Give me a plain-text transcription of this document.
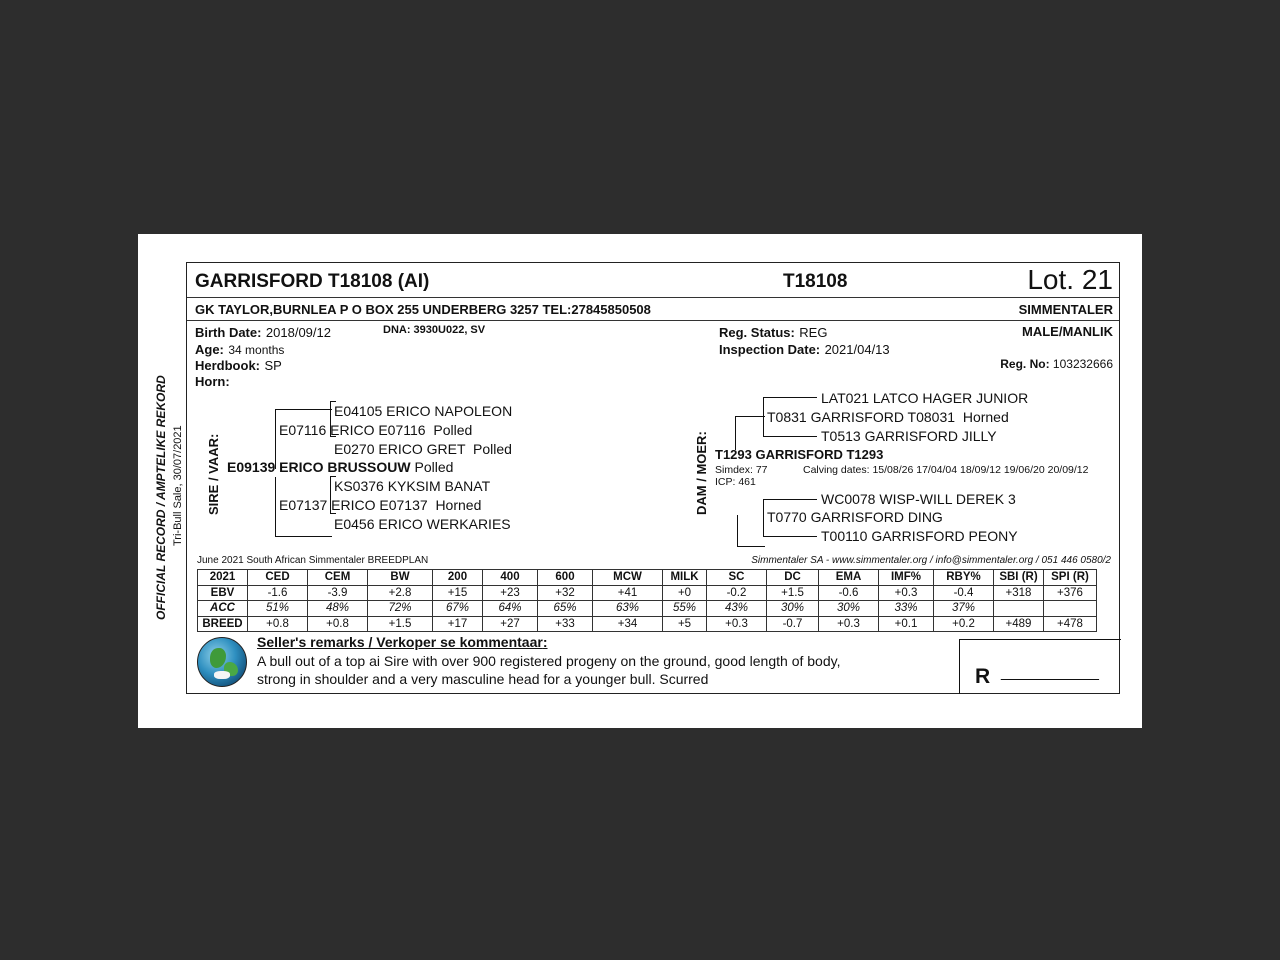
OFFICIAL RECORD / AMPTELIKE REKORD Tri-Bull Sale, 30/07/2021
GARRISFORD T18108 (AI)	T18108	Lot. 21
GK TAYLOR,BURNLEA P O BOX 255 UNDERBERG 3257 TEL:27845850508	SIMMENTALER
Birth Date: 2018/09/12	DNA: 3930U022, SV
Age: 34 months
Herdbook: SP
Horn:
Reg. Status: REG
Inspection Date: 2021/04/13
MALE/MANLIK
Reg. No: 103232666
SIRE / VAAR:
E04105 ERICO NAPOLEON
E07116 ERICO E07116 Polled
E0270 ERICO GRET Polled
E09139 ERICO BRUSSOUW Polled
KS0376 KYKSIM BANAT
E07137 ERICO E07137 Horned
E0456 ERICO WERKARIES
DAM / MOER:
LAT021 LATCO HAGER JUNIOR
T0831 GARRISFORD T08031 Horned
T0513 GARRISFORD JILLY
T1293 GARRISFORD T1293
Simdex: 77	Calving dates: 15/08/26 17/04/04 18/09/12 19/06/20 20/09/12
ICP: 461
WC0078 WISP-WILL DEREK 3
T0770 GARRISFORD DING
T00110 GARRISFORD PEONY
June 2021 South African Simmentaler BREEDPLAN	Simmentaler SA - www.simmentaler.org / info@simmentaler.org / 051 446 0580/2
2021	CED	CEM	BW	200	400	600	MCW	MILK	SC	DC	EMA	IMF%	RBY%	SBI (R)	SPI (R)
EBV	-1.6	-3.9	+2.8	+15	+23	+32	+41	+0	-0.2	+1.5	-0.6	+0.3	-0.4	+318	+376
ACC	51%	48%	72%	67%	64%	65%	63%	55%	43%	30%	30%	33%	37%		
BREED	+0.8	+0.8	+1.5	+17	+27	+33	+34	+5	+0.3	-0.7	+0.3	+0.1	+0.2	+489	+478
Seller's remarks / Verkoper se kommentaar:
A bull out of a top ai Sire with over 900 registered progeny on the ground, good length of body,
strong in shoulder and a very masculine head for a younger bull. Scurred	R ___________
